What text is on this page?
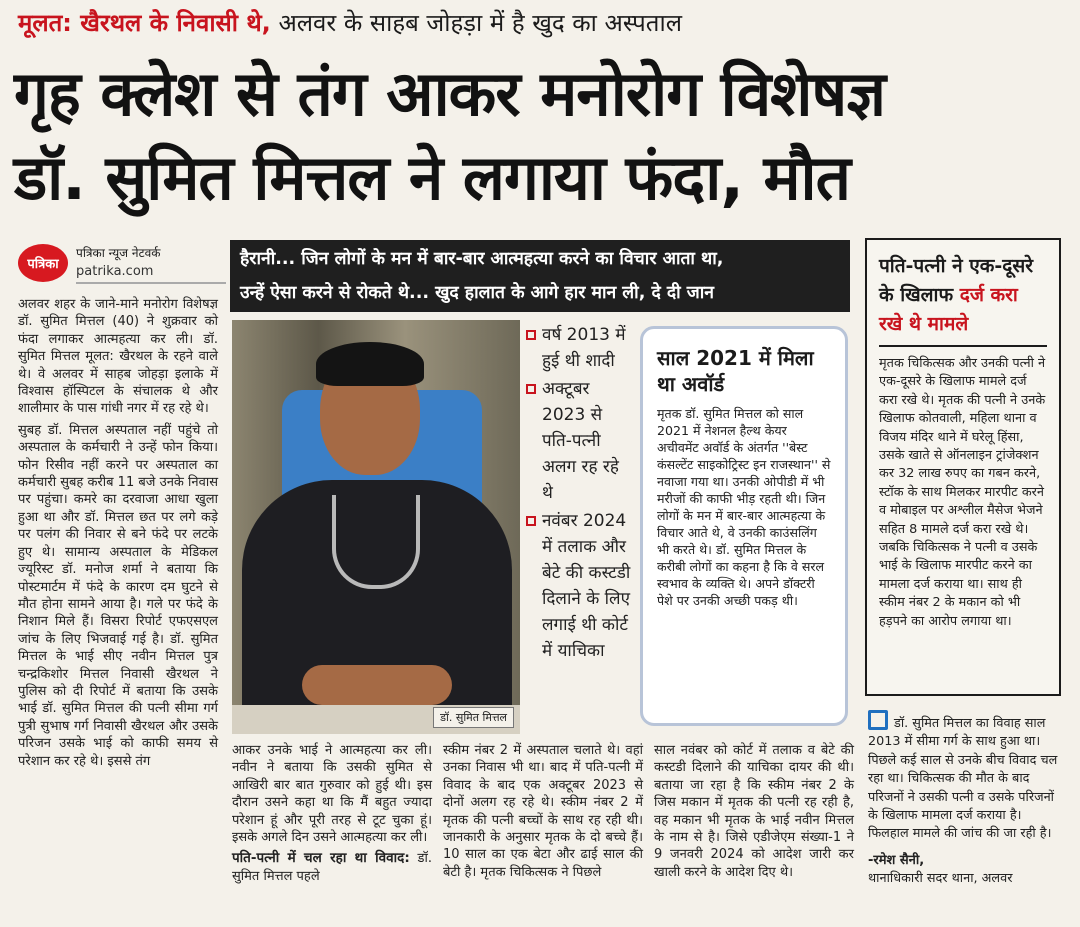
मूलत: खैरथल के निवासी थे, अलवर के साहब जोहड़ा में है खुद का अस्पताल
गृह क्लेश से तंग आकर मनोरोग विशेषज्ञ
डॉ. सुमित मित्तल ने लगाया फंदा, मौत
पत्रिका
पत्रिका न्यूज नेटवर्क
patrika.com

अलवर शहर के जाने-माने मनोरोग विशेषज्ञ डॉ. सुमित मित्तल (40) ने शुक्रवार को फंदा लगाकर आत्महत्या कर ली। डॉ. सुमित मित्तल मूलत: खैरथल के रहने वाले थे। वे अलवर में साहब जोहड़ा इलाके में विश्वास हॉस्पिटल के संचालक थे और शालीमार के पास गांधी नगर में रह रहे थे।

सुबह डॉ. मित्तल अस्पताल नहीं पहुंचे तो अस्पताल के कर्मचारी ने उन्हें फोन किया। फोन रिसीव नहीं करने पर अस्पताल का कर्मचारी सुबह करीब 11 बजे उनके निवास पर पहुंचा। कमरे का दरवाजा आधा खुला हुआ था और डॉ. मित्तल छत पर लगे कड़े पर पलंग की निवार से बने फंदे पर लटके हुए थे। सामान्य अस्पताल के मेडिकल ज्यूरिस्ट डॉ. मनोज शर्मा ने बताया कि पोस्टमार्टम में फंदे के कारण दम घुटने से मौत होना सामने आया है। गले पर फंदे के निशान मिले हैं। विसरा रिपोर्ट एफएसएल जांच के लिए भिजवाई गई है। डॉ. सुमित मित्तल के भाई सीए नवीन मित्तल पुत्र चन्द्रकिशोर मित्तल निवासी खैरथल ने पुलिस को दी रिपोर्ट में बताया कि उसके भाई डॉ. सुमित मित्तल की पत्नी सीमा गर्ग पुत्री सुभाष गर्ग निवासी खैरथल और उसके परिजन उसके भाई को काफी समय से परेशान कर रहे थे। इससे तंग

हैरानी... जिन लोगों के मन में बार-बार आत्महत्या करने का विचार आता था,
उन्हें ऐसा करने से रोकते थे... खुद हालात के आगे हार मान ली, दे दी जान
डॉ. सुमित मित्तल
वर्ष 2013 में हुई थी शादी
अक्टूबर 2023 से पति-पत्नी अलग रह रहे थे
नवंबर 2024 में तलाक और बेटे की कस्टडी दिलाने के लिए लगाई थी कोर्ट में याचिका
साल 2021 में मिला था अवॉर्ड
मृतक डॉ. सुमित मित्तल को साल 2021 में नेशनल हैल्थ केयर अचीवमेंट अवॉर्ड के अंतर्गत ''बेस्ट कंसल्टेंट साइकोट्रिस्ट इन राजस्थान'' से नवाजा गया था। उनकी ओपीडी में भी मरीजों की काफी भीड़ रहती थी। जिन लोगों के मन में बार-बार आत्महत्या के विचार आते थे, वे उनकी काउंसलिंग भी करते थे। डॉ. सुमित मित्तल के करीबी लोगों का कहना है कि वे सरल स्वभाव के व्यक्ति थे। अपने डॉक्टरी पेशे पर उनकी अच्छी पकड़ थी।

आकर उनके भाई ने आत्महत्या कर ली। नवीन ने बताया कि उसकी सुमित से आखिरी बार बात गुरुवार को हुई थी। इस दौरान उसने कहा था कि मैं बहुत ज्यादा परेशान हूं और पूरी तरह से टूट चुका हूं। इसके अगले दिन उसने आत्महत्या कर ली।

पति-पत्नी में चल रहा था विवाद: डॉ. सुमित मित्तल पहले

स्कीम नंबर 2 में अस्पताल चलाते थे। वहां उनका निवास भी था। बाद में पति-पत्नी में विवाद के बाद एक अक्टूबर 2023 से दोनों अलग रह रहे थे। स्कीम नंबर 2 में मृतक की पत्नी बच्चों के साथ रह रही थी। जानकारी के अनुसार मृतक के दो बच्चे हैं। 10 साल का एक बेटा और ढाई साल की बेटी है। मृतक चिकित्सक ने पिछले

साल नवंबर को कोर्ट में तलाक व बेटे की कस्टडी दिलाने की याचिका दायर की थी। बताया जा रहा है कि स्कीम नंबर 2 के जिस मकान में मृतक की पत्नी रह रही है, वह मकान भी मृतक के भाई नवीन मित्तल के नाम से है। जिसे एडीजेएम संख्या-1 ने 9 जनवरी 2024 को आदेश जारी कर खाली करने के आदेश दिए थे।

पति-पत्नी ने एक-दूसरे के खिलाफ दर्ज करा रखे थे मामले
मृतक चिकित्सक और उनकी पत्नी ने एक-दूसरे के खिलाफ मामले दर्ज करा रखे थे। मृतक की पत्नी ने उनके खिलाफ कोतवाली, महिला थाना व विजय मंदिर थाने में घरेलू हिंसा, उसके खाते से ऑनलाइन ट्रांजेक्शन कर 32 लाख रुपए का गबन करने, स्टॉक के साथ मिलकर मारपीट करने व मोबाइल पर अश्लील मैसेज भेजने सहित 8 मामले दर्ज करा रखे थे। जबकि चिकित्सक ने पत्नी व उसके भाई के खिलाफ मारपीट करने का मामला दर्ज कराया था। साथ ही स्कीम नंबर 2 के मकान को भी हड़पने का आरोप लगाया था।
डॉ. सुमित मित्तल का विवाह साल 2013 में सीमा गर्ग के साथ हुआ था। पिछले कई साल से उनके बीच विवाद चल रहा था। चिकित्सक की मौत के बाद परिजनों ने उसकी पत्नी व उसके परिजनों के खिलाफ मामला दर्ज कराया है। फिलहाल मामले की जांच की जा रही है।
-रमेश सैनी,
थानाधिकारी सदर थाना, अलवर
